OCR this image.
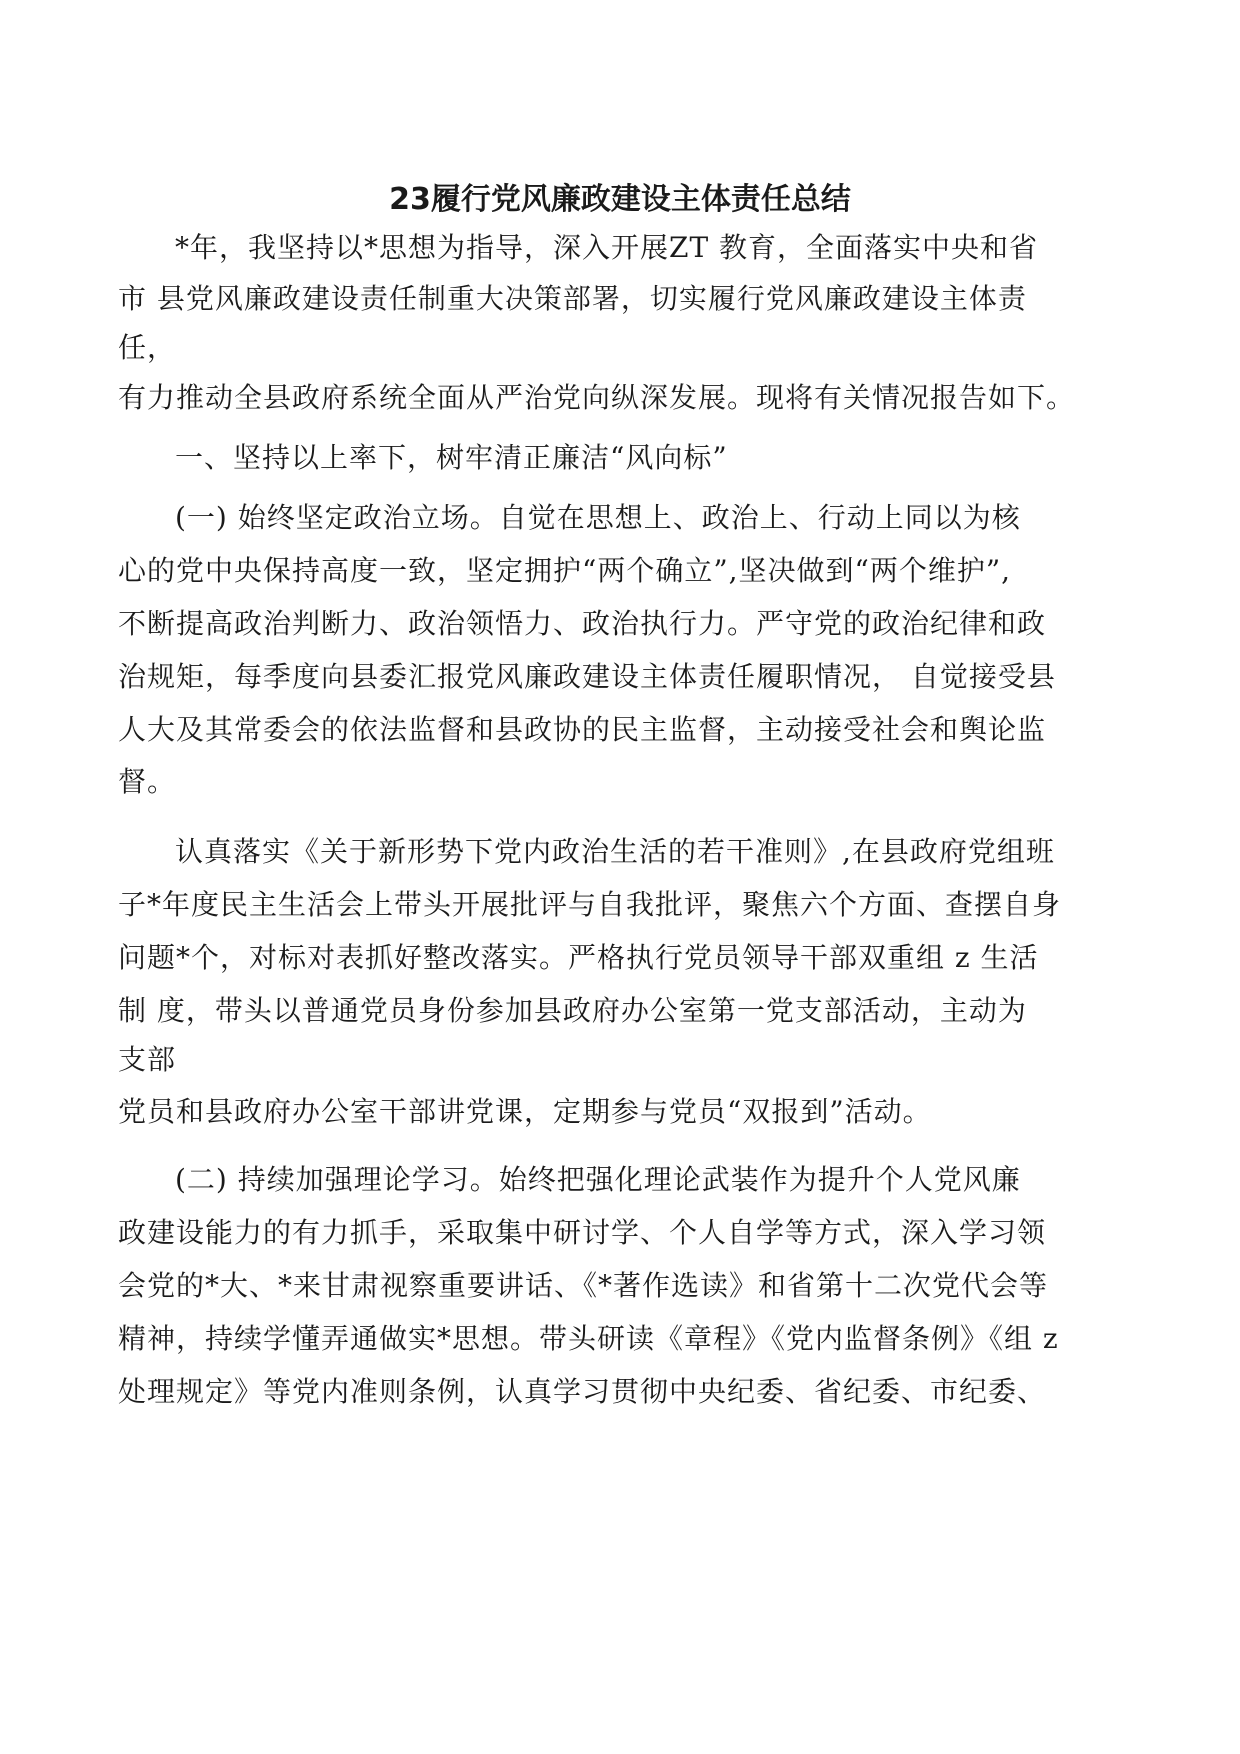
23履行党风廉政建设主体责任总结

*年，我坚持以*思想为指导，深入开展ZT 教育，全面落实中央和省

市 县党风廉政建设责任制重大决策部署，切实履行党风廉政建设主体责

任，

有力推动全县政府系统全面从严治党向纵深发展。现将有关情况报告如下。

一、坚持以上率下，树牢清正廉洁“风向标”

(一) 始终坚定政治立场。自觉在思想上、政治上、行动上同以为核

心的党中央保持高度一致，坚定拥护“两个确立”,坚决做到“两个维护”,

不断提高政治判断力、政治领悟力、政治执行力。严守党的政治纪律和政

治规矩，每季度向县委汇报党风廉政建设主体责任履职情况， 自觉接受县

人大及其常委会的依法监督和县政协的民主监督，主动接受社会和舆论监

督。

认真落实《关于新形势下党内政治生活的若干准则》,在县政府党组班

子*年度民主生活会上带头开展批评与自我批评，聚焦六个方面、查摆自身

问题*个，对标对表抓好整改落实。严格执行党员领导干部双重组 z 生活

制 度，带头以普通党员身份参加县政府办公室第一党支部活动，主动为

支部

党员和县政府办公室干部讲党课，定期参与党员“双报到”活动。

(二) 持续加强理论学习。始终把强化理论武装作为提升个人党风廉

政建设能力的有力抓手，采取集中研讨学、个人自学等方式，深入学习领

会党的*大、*来甘肃视察重要讲话、《*著作选读》和省第十二次党代会等

精神，持续学懂弄通做实*思想。带头研读《章程》《党内监督条例》《组 z

处理规定》等党内准则条例，认真学习贯彻中央纪委、省纪委、市纪委、
